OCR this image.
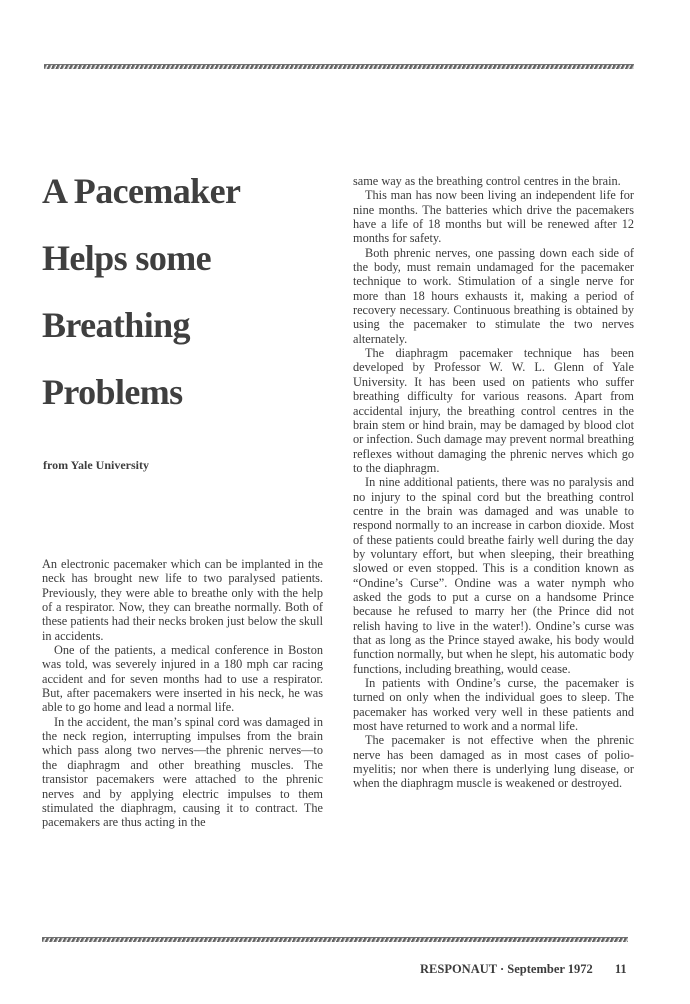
A Pacemaker
Helps some
Breathing
Problems

from Yale University

An electronic pacemaker which can be implanted in the neck has brought new life to two paralysed patients. Previously, they were able to breathe only with the help of a respirator. Now, they can breathe normally. Both of these patients had their necks broken just below the skull in accidents.

One of the patients, a medical conference in Boston was told, was severely injured in a 180 mph car racing accident and for seven months had to use a respirator. But, after pacemakers were inserted in his neck, he was able to go home and lead a normal life.

In the accident, the man’s spinal cord was damaged in the neck region, interrupting impulses from the brain which pass along two nerves—the phrenic nerves—to the diaphragm and other breathing muscles. The transistor pacemakers were attached to the phrenic nerves and by applying electric impulses to them stimulated the diaphragm, causing it to contract. The pacemakers are thus acting in the

same way as the breathing control centres in the brain.

This man has now been living an independent life for nine months. The batteries which drive the pacemakers have a life of 18 months but will be renewed after 12 months for safety.

Both phrenic nerves, one passing down each side of the body, must remain undamaged for the pacemaker technique to work. Stimulation of a single nerve for more than 18 hours exhausts it, making a period of recovery necessary. Continuous breathing is obtained by using the pacemaker to stimulate the two nerves alternately.

The diaphragm pacemaker technique has been developed by Professor W. W. L. Glenn of Yale University. It has been used on patients who suffer breathing difficulty for various reasons. Apart from accidental injury, the breathing control centres in the brain stem or hind brain, may be damaged by blood clot or infection. Such damage may prevent normal breathing reflexes without damaging the phrenic nerves which go to the diaphragm.

In nine additional patients, there was no paralysis and no injury to the spinal cord but the breathing control centre in the brain was damaged and was unable to respond normally to an increase in carbon dioxide. Most of these patients could breathe fairly well during the day by voluntary effort, but when sleeping, their breathing slowed or even stopped. This is a condition known as “Ondine’s Curse”. Ondine was a water nymph who asked the gods to put a curse on a handsome Prince because he refused to marry her (the Prince did not relish having to live in the water!). Ondine’s curse was that as long as the Prince stayed awake, his body would function normally, but when he slept, his automatic body functions, including breathing, would cease.

In patients with Ondine’s curse, the pacemaker is turned on only when the individual goes to sleep. The pacemaker has worked very well in these patients and most have returned to work and a normal life.

The pacemaker is not effective when the phrenic nerve has been damaged as in most cases of poliomyelitis; nor when there is underlying lung disease, or when the diaphragm muscle is weakened or destroyed.

RESPONAUT · September 1972 11
